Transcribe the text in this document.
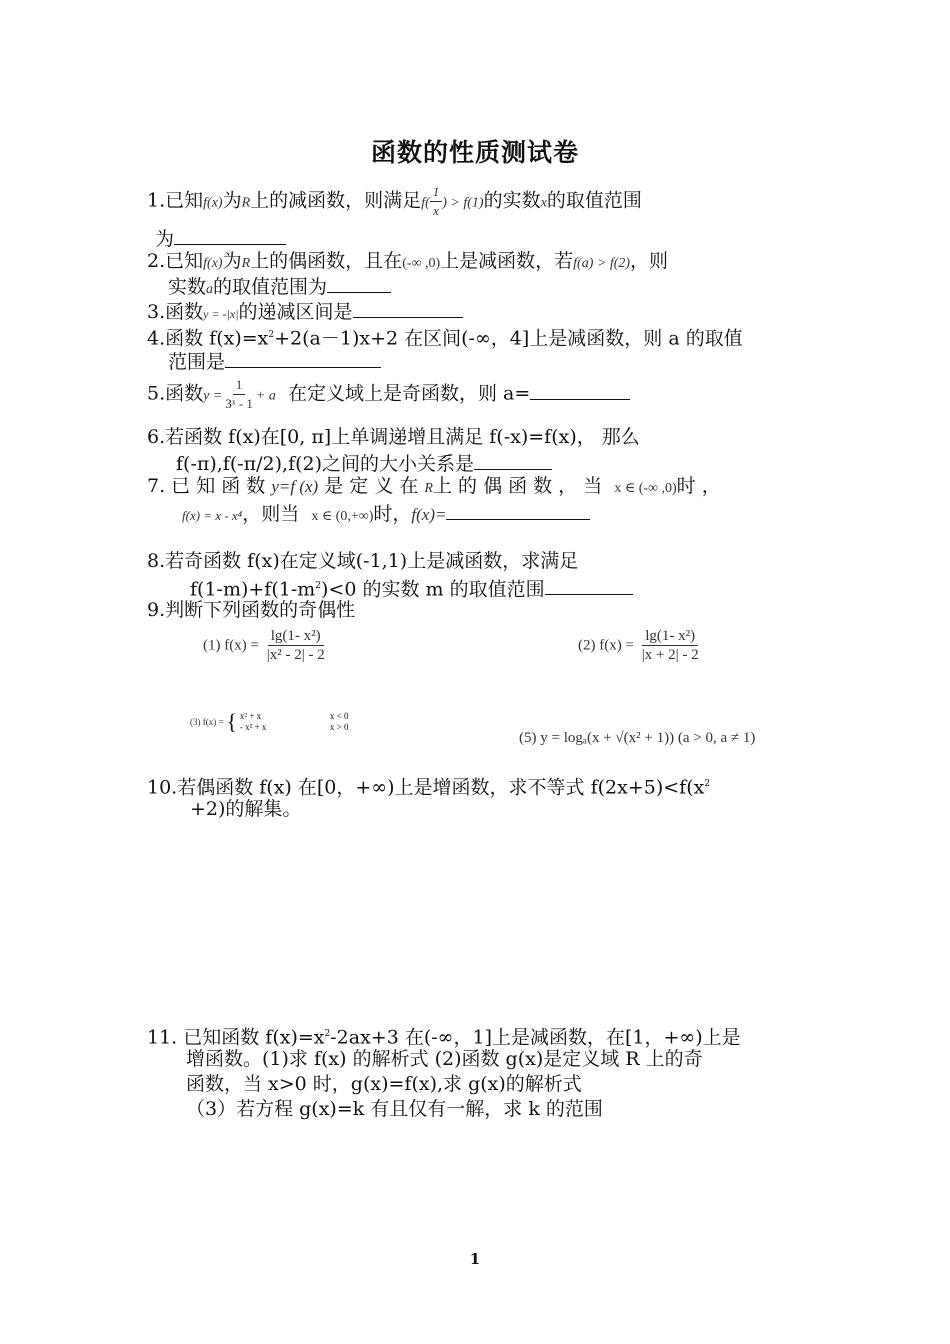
函数的性质测试卷
1.已知f(x)为R上的减函数，则满足$f( \frac{1}{x}$ ) > f(1)的实数x的取值范围
为
2.已知f(x)为R上的偶函数，且在(-∞ ,0)上是减函数，若f(a) > f(2)，则
实数a的取值范围为
3.函数y = -|x|的递减区间是
4.函数 $f(x)=x^2+2(a-1)x+2$ 在区间(-∞，4]上是减函数，则 a 的取值
范围是
5.函数$y = \frac{1}{\text{3ˣ - 1}} + a$ 在定义域上是奇函数，则 a=
6.若函数 f(x)在[0, π]上单调递增且满足 f(-x)=f(x)， 那么
f(-π),f(-π/2),f(2)之间的大小关系是
7. 已 知 函 数 y=f (x) 是 定 义 在 R上 的 偶 函 数 ， 当 x ∈ (-∞ ,0)时 ，
f(x) = x - x⁴，则当 x ∈ (0,+∞)时，f(x)=
8.若奇函数 f(x)在定义域(-1,1)上是减函数，求满足
$f(1-m)+f(1-m^2)<0$ 的实数 m 的取值范围
9.判断下列函数的奇偶性
(1) $f(x) = \frac{\text{lg(1- x²)}}{\text{|x² - 2| - 2}}$	(2) $f(x) = \frac{\text{lg(1- x²)}}{|x + 2| - 2}$
(3) f(x) = { x² + x	x < 0
- x² + x	x > 0
(5) y = logₐ(x + √(x² + 1)) (a > 0, a ≠ 1)
10.若偶函数 f(x) 在[0，+∞)上是增函数，求不等式 $f(2x+5)<f(x^2$
+2)的解集。
11. 已知函数 $f(x)=x^2-2ax+3$ 在(-∞，1]上是减函数，在[1，+∞)上是
增函数。(1)求 f(x) 的解析式 (2)函数 g(x)是定义域 R 上的奇
函数，当 x>0 时，g(x)=f(x),求 g(x)的解析式
（3）若方程 g(x)=k 有且仅有一解，求 k 的范围
1
